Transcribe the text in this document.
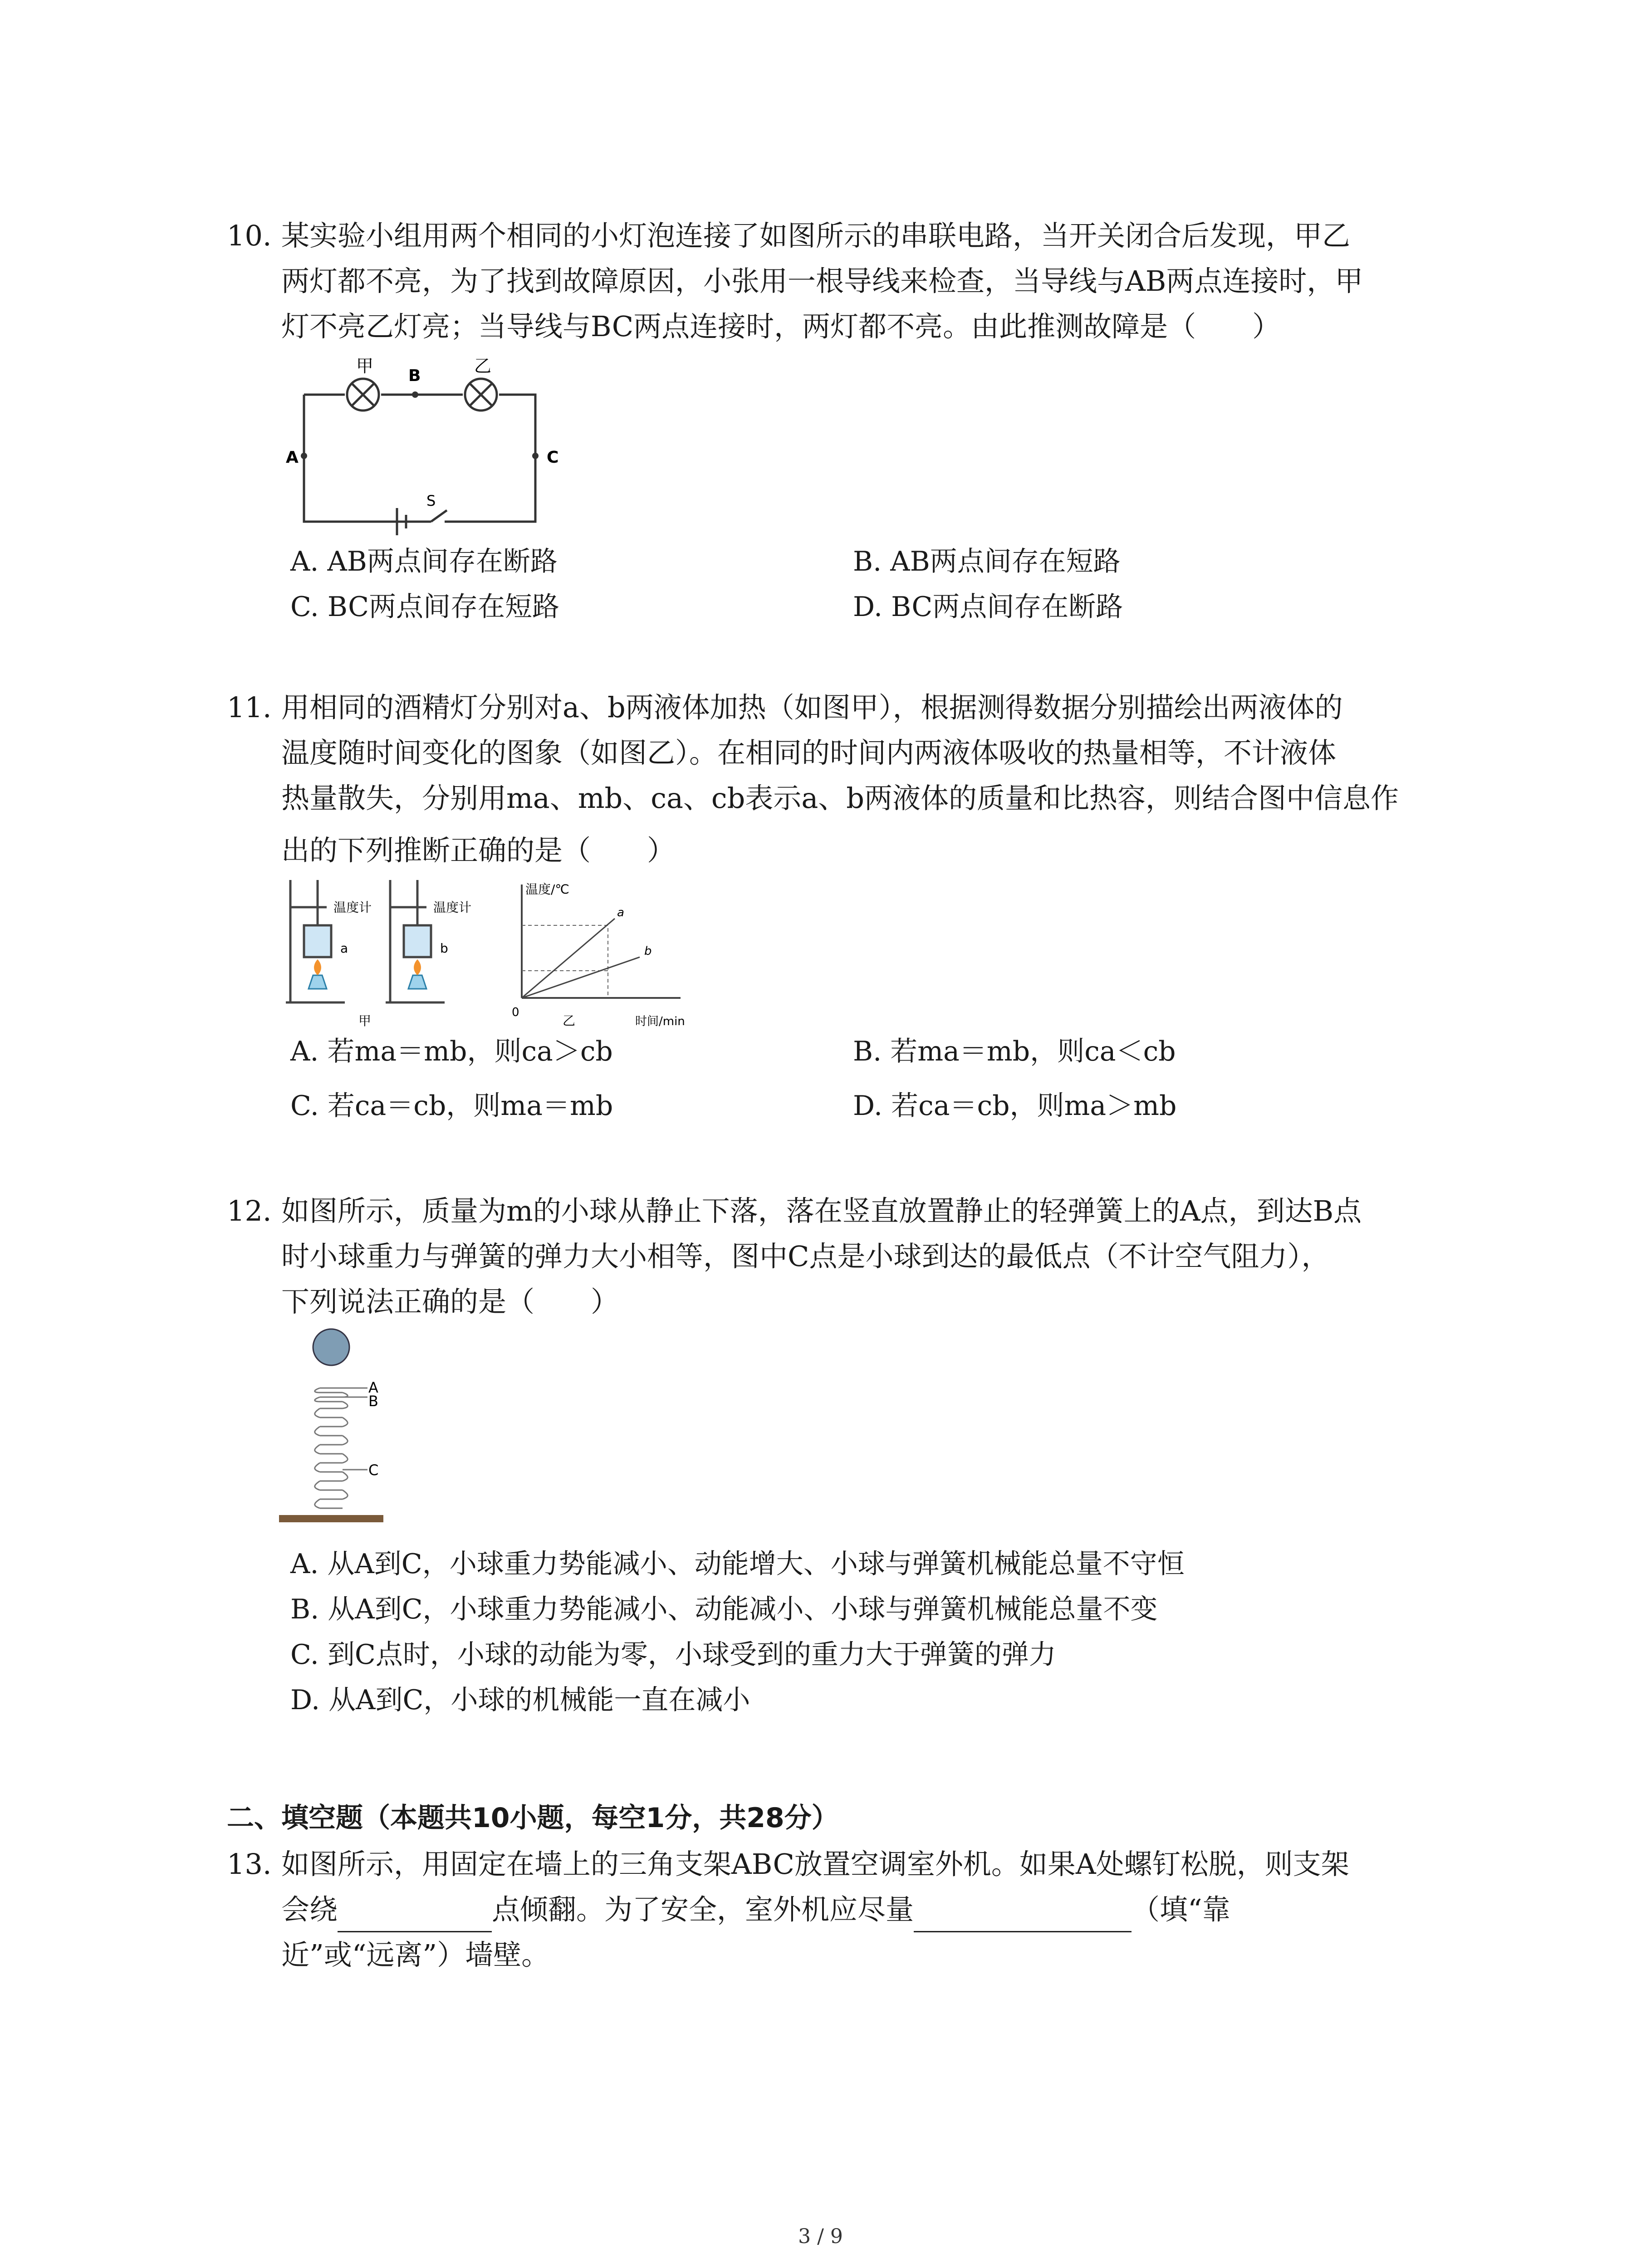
10. 某实验小组用两个相同的小灯泡连接了如图所示的串联电路，当开关闭合后发现，甲乙
两灯都不亮，为了找到故障原因，小张用一根导线来检查，当导线与AB两点连接时，甲
灯不亮乙灯亮；当导线与BC两点连接时，两灯都不亮。由此推测故障是（　　）
甲	乙
B
A	C
S
A. AB两点间存在断路	B. AB两点间存在短路
C. BC两点间存在短路	D. BC两点间存在断路
11. 用相同的酒精灯分别对a、b两液体加热（如图甲），根据测得数据分别描绘出两液体的
温度随时间变化的图象（如图乙）。在相同的时间内两液体吸收的热量相等，不计液体
热量散失，分别用ma、mb、ca、cb表示a、b两液体的质量和比热容，则结合图中信息作
出的下列推断正确的是（　　）
温度计	温度计
a	b
甲
温度/℃
时间/min
0
a
b
乙
A. 若ma＝mb，则ca＞cb	B. 若ma＝mb，则ca＜cb
C. 若ca＝cb，则ma＝mb	D. 若ca＝cb，则ma＞mb
12. 如图所示，质量为m的小球从静止下落，落在竖直放置静止的轻弹簧上的A点，到达B点
时小球重力与弹簧的弹力大小相等，图中C点是小球到达的最低点（不计空气阻力），
下列说法正确的是（　　）
A
B
C
A. 从A到C，小球重力势能减小、动能增大、小球与弹簧机械能总量不守恒
B. 从A到C，小球重力势能减小、动能减小、小球与弹簧机械能总量不变
C. 到C点时，小球的动能为零，小球受到的重力大于弹簧的弹力
D. 从A到C，小球的机械能一直在减小
二、填空题（本题共10小题，每空1分，共28分）
13. 如图所示，用固定在墙上的三角支架ABC放置空调室外机。如果A处螺钉松脱，则支架
会绕	点倾翻。为了安全，室外机应尽量	（填“靠
近”或“远离”）墙壁。
3 / 9
